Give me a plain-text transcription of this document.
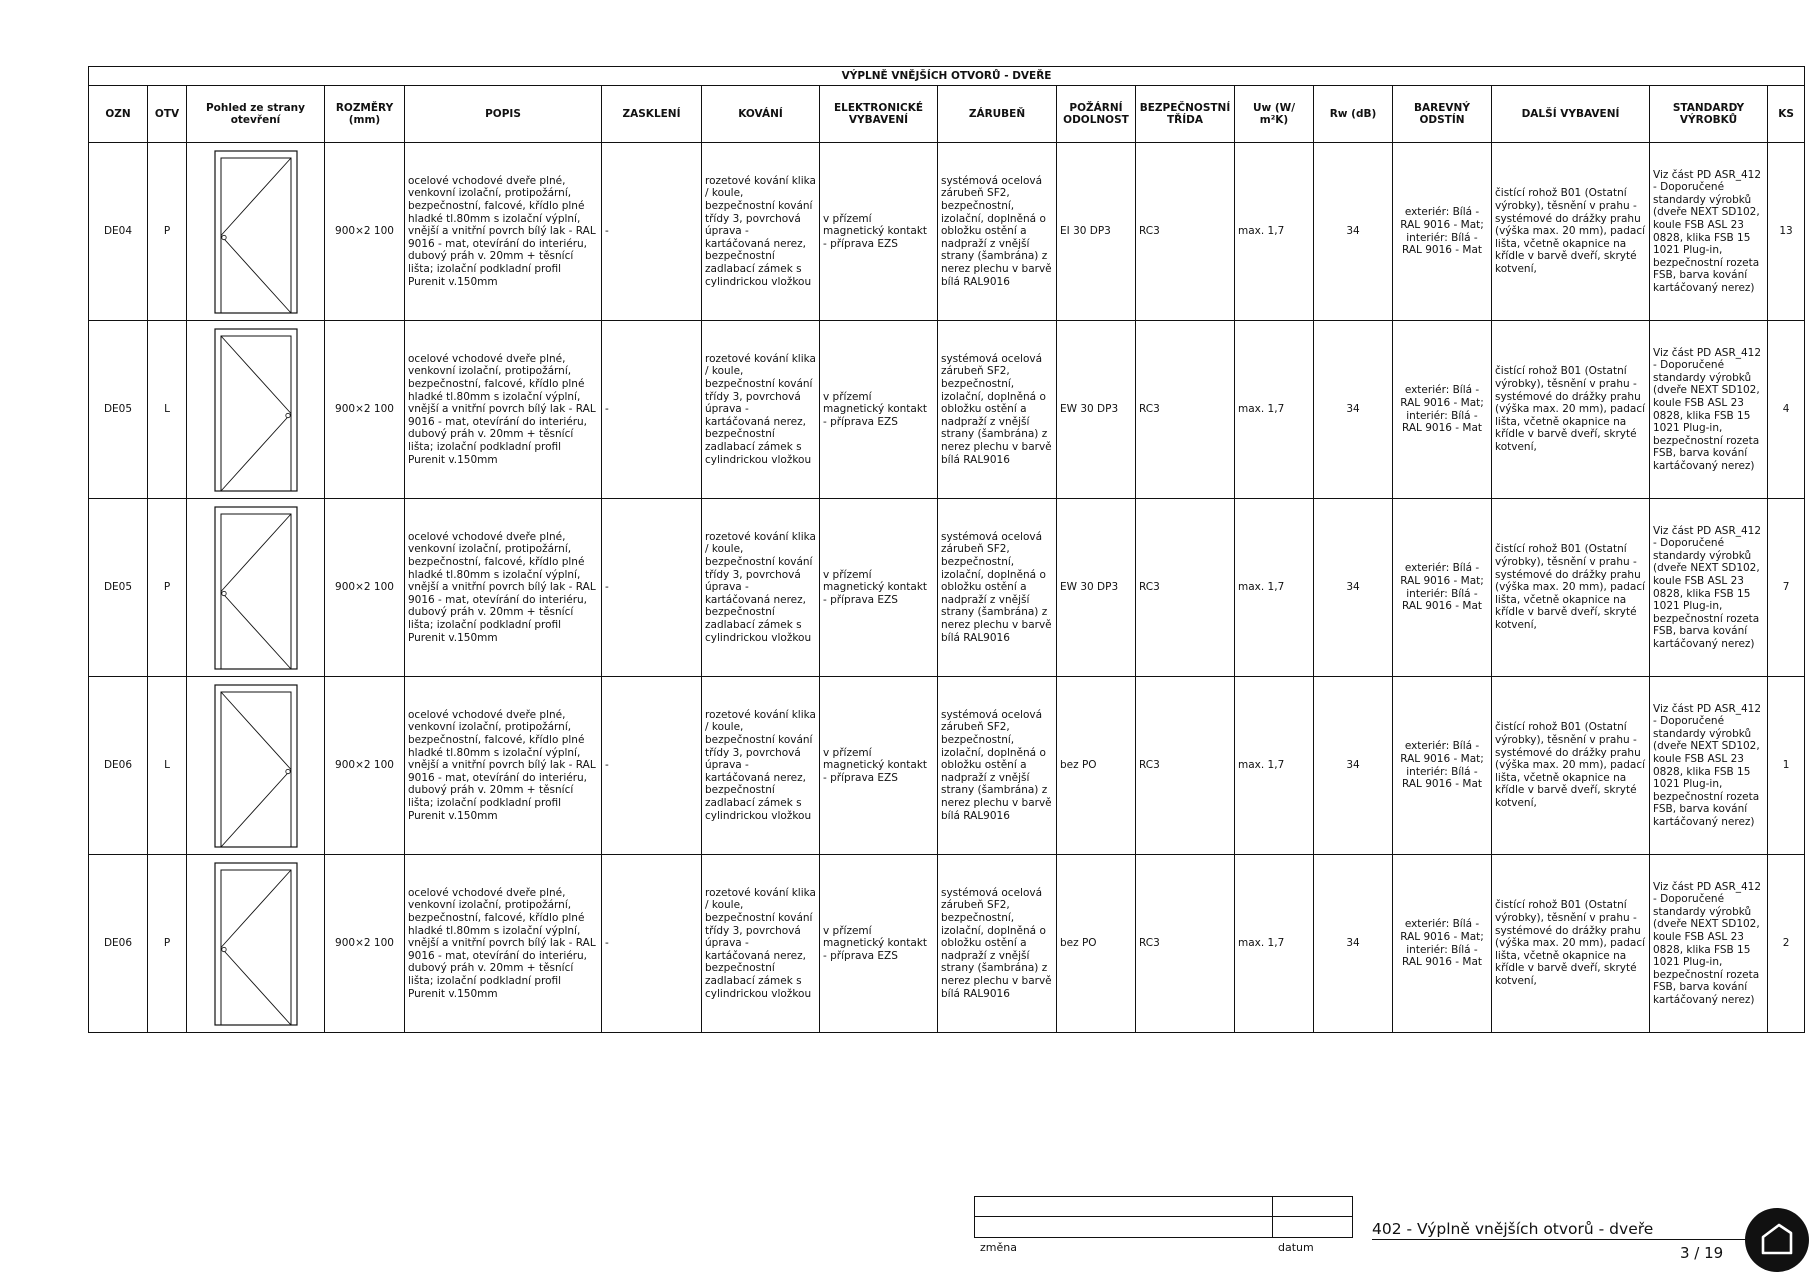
VÝPLNĚ VNĚJŠÍCH OTVORŮ - DVEŘE																
OZN	OTV	Pohled ze strany otevření	ROZMĚRY (mm)	POPIS	ZASKLENÍ	KOVÁNÍ	ELEKTRONICKÉ VYBAVENÍ	ZÁRUBEŇ	POŽÁRNÍ ODOLNOST	BEZPEČNOSTNÍ TŘÍDA	Uw (W/ m²K)	Rw (dB)	BAREVNÝ ODSTÍN	DALŠÍ VYBAVENÍ	STANDARDY VÝROBKŮ	KS
DE04	P		900×2 100	ocelové vchodové dveře plné, venkovní izolační, protipožární, bezpečnostní, falcové, křídlo plné hladké tl.80mm s izolační výplní, vnější a vnitřní povrch bílý lak - RAL 9016 - mat, otevírání do interiéru, dubový práh v. 20mm + těsnící lišta; izolační podkladní profil Purenit v.150mm	-	rozetové kování klika / koule, bezpečnostní kování třídy 3, povrchová úprava - kartáčovaná nerez, bezpečnostní zadlabací zámek s cylindrickou vložkou	v přízemí magnetický kontakt - příprava EZS	systémová ocelová zárubeň SF2, bezpečnostní, izolační, doplněná o obložku ostění a nadpraží z vnější strany (šambrána) z nerez plechu v barvě bílá RAL9016	EI 30 DP3	RC3	max. 1,7	34	exteriér: Bílá - RAL 9016 - Mat; interiér: Bílá - RAL 9016 - Mat	čistící rohož B01 (Ostatní výrobky), těsnění v prahu - systémové do drážky prahu (výška max. 20 mm), padací lišta, včetně okapnice na křídle v barvě dveří, skryté kotvení,	Viz část PD ASR_412 - Doporučené standardy výrobků (dveře NEXT SD102, koule FSB ASL 23 0828, klika FSB 15 1021 Plug-in, bezpečnostní rozeta FSB, barva kování kartáčovaný nerez)	13
DE05	L		900×2 100	ocelové vchodové dveře plné, venkovní izolační, protipožární, bezpečnostní, falcové, křídlo plné hladké tl.80mm s izolační výplní, vnější a vnitřní povrch bílý lak - RAL 9016 - mat, otevírání do interiéru, dubový práh v. 20mm + těsnící lišta; izolační podkladní profil Purenit v.150mm	-	rozetové kování klika / koule, bezpečnostní kování třídy 3, povrchová úprava - kartáčovaná nerez, bezpečnostní zadlabací zámek s cylindrickou vložkou	v přízemí magnetický kontakt - příprava EZS	systémová ocelová zárubeň SF2, bezpečnostní, izolační, doplněná o obložku ostění a nadpraží z vnější strany (šambrána) z nerez plechu v barvě bílá RAL9016	EW 30 DP3	RC3	max. 1,7	34	exteriér: Bílá - RAL 9016 - Mat; interiér: Bílá - RAL 9016 - Mat	čistící rohož B01 (Ostatní výrobky), těsnění v prahu - systémové do drážky prahu (výška max. 20 mm), padací lišta, včetně okapnice na křídle v barvě dveří, skryté kotvení,	Viz část PD ASR_412 - Doporučené standardy výrobků (dveře NEXT SD102, koule FSB ASL 23 0828, klika FSB 15 1021 Plug-in, bezpečnostní rozeta FSB, barva kování kartáčovaný nerez)	4
DE05	P		900×2 100	ocelové vchodové dveře plné, venkovní izolační, protipožární, bezpečnostní, falcové, křídlo plné hladké tl.80mm s izolační výplní, vnější a vnitřní povrch bílý lak - RAL 9016 - mat, otevírání do interiéru, dubový práh v. 20mm + těsnící lišta; izolační podkladní profil Purenit v.150mm	-	rozetové kování klika / koule, bezpečnostní kování třídy 3, povrchová úprava - kartáčovaná nerez, bezpečnostní zadlabací zámek s cylindrickou vložkou	v přízemí magnetický kontakt - příprava EZS	systémová ocelová zárubeň SF2, bezpečnostní, izolační, doplněná o obložku ostění a nadpraží z vnější strany (šambrána) z nerez plechu v barvě bílá RAL9016	EW 30 DP3	RC3	max. 1,7	34	exteriér: Bílá - RAL 9016 - Mat; interiér: Bílá - RAL 9016 - Mat	čistící rohož B01 (Ostatní výrobky), těsnění v prahu - systémové do drážky prahu (výška max. 20 mm), padací lišta, včetně okapnice na křídle v barvě dveří, skryté kotvení,	Viz část PD ASR_412 - Doporučené standardy výrobků (dveře NEXT SD102, koule FSB ASL 23 0828, klika FSB 15 1021 Plug-in, bezpečnostní rozeta FSB, barva kování kartáčovaný nerez)	7
DE06	L		900×2 100	ocelové vchodové dveře plné, venkovní izolační, protipožární, bezpečnostní, falcové, křídlo plné hladké tl.80mm s izolační výplní, vnější a vnitřní povrch bílý lak - RAL 9016 - mat, otevírání do interiéru, dubový práh v. 20mm + těsnící lišta; izolační podkladní profil Purenit v.150mm	-	rozetové kování klika / koule, bezpečnostní kování třídy 3, povrchová úprava - kartáčovaná nerez, bezpečnostní zadlabací zámek s cylindrickou vložkou	v přízemí magnetický kontakt - příprava EZS	systémová ocelová zárubeň SF2, bezpečnostní, izolační, doplněná o obložku ostění a nadpraží z vnější strany (šambrána) z nerez plechu v barvě bílá RAL9016	bez PO	RC3	max. 1,7	34	exteriér: Bílá - RAL 9016 - Mat; interiér: Bílá - RAL 9016 - Mat	čistící rohož B01 (Ostatní výrobky), těsnění v prahu - systémové do drážky prahu (výška max. 20 mm), padací lišta, včetně okapnice na křídle v barvě dveří, skryté kotvení,	Viz část PD ASR_412 - Doporučené standardy výrobků (dveře NEXT SD102, koule FSB ASL 23 0828, klika FSB 15 1021 Plug-in, bezpečnostní rozeta FSB, barva kování kartáčovaný nerez)	1
DE06	P		900×2 100	ocelové vchodové dveře plné, venkovní izolační, protipožární, bezpečnostní, falcové, křídlo plné hladké tl.80mm s izolační výplní, vnější a vnitřní povrch bílý lak - RAL 9016 - mat, otevírání do interiéru, dubový práh v. 20mm + těsnící lišta; izolační podkladní profil Purenit v.150mm	-	rozetové kování klika / koule, bezpečnostní kování třídy 3, povrchová úprava - kartáčovaná nerez, bezpečnostní zadlabací zámek s cylindrickou vložkou	v přízemí magnetický kontakt - příprava EZS	systémová ocelová zárubeň SF2, bezpečnostní, izolační, doplněná o obložku ostění a nadpraží z vnější strany (šambrána) z nerez plechu v barvě bílá RAL9016	bez PO	RC3	max. 1,7	34	exteriér: Bílá - RAL 9016 - Mat; interiér: Bílá - RAL 9016 - Mat	čistící rohož B01 (Ostatní výrobky), těsnění v prahu - systémové do drážky prahu (výška max. 20 mm), padací lišta, včetně okapnice na křídle v barvě dveří, skryté kotvení,	Viz část PD ASR_412 - Doporučené standardy výrobků (dveře NEXT SD102, koule FSB ASL 23 0828, klika FSB 15 1021 Plug-in, bezpečnostní rozeta FSB, barva kování kartáčovaný nerez)	2
změna	datum
402 - Výplně vnějších otvorů - dveře
3 / 19
